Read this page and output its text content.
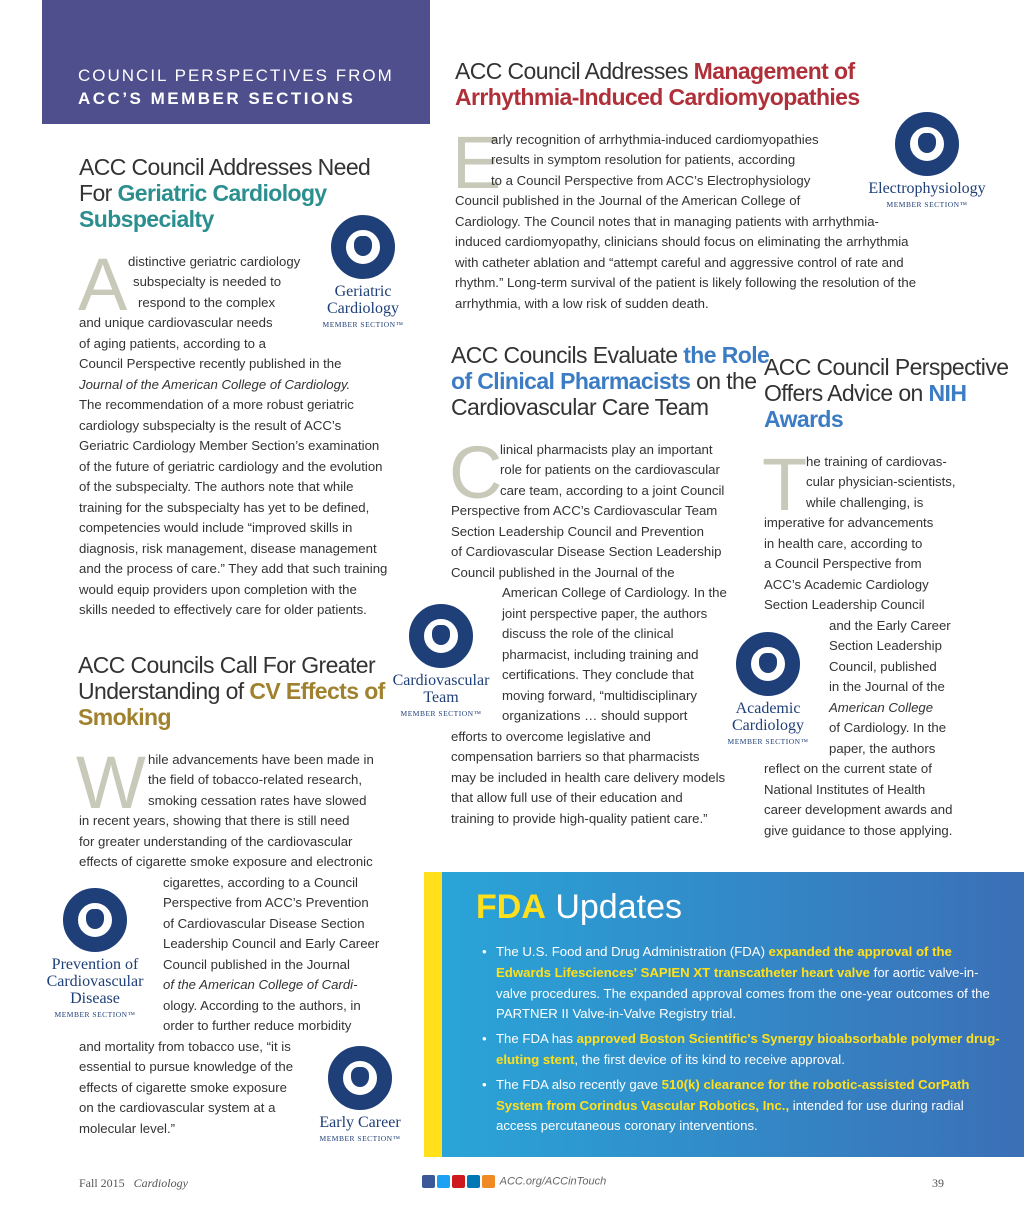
COUNCIL PERSPECTIVES FROM
ACC’S MEMBER SECTIONS
ACC Council Addresses Management of
Arrhythmia-Induced Cardiomyopathies
E
arly recognition of arrhythmia-induced cardiomyopathies
results in symptom resolution for patients, according
to a Council Perspective from ACC’s Electrophysiology
Council published in the Journal of the American College of
Cardiology. The Council notes that in managing patients with arrhythmia-
induced cardiomyopathy, clinicians should focus on eliminating the arrhythmia
with catheter ablation and “attempt careful and aggressive control of rate and
rhythm.” Long-term survival of the patient is likely following the resolution of the
arrhythmia, with a low risk of sudden death.
Electrophysiology
MEMBER SECTION™
ACC Council Addresses Need
For Geriatric Cardiology
Subspecialty
A distinctive geriatric cardiology
subspecialty is needed to
respond to the complex
and unique cardiovascular needs
of aging patients, according to a
Council Perspective recently published in the
Journal of the American College of Cardiology.
The recommendation of a more robust geriatric
cardiology subspecialty is the result of ACC’s
Geriatric Cardiology Member Section’s examination
of the future of geriatric cardiology and the evolution
of the subspecialty. The authors note that while
training for the subspecialty has yet to be defined,
competencies would include “improved skills in
diagnosis, risk management, disease management
and the process of care.” They add that such training
would equip providers upon completion with the
skills needed to effectively care for older patients.
Geriatric Cardiology
MEMBER SECTION™
ACC Councils Evaluate the Role
of Clinical Pharmacists on the
Cardiovascular Care Team
C
linical pharmacists play an important
role for patients on the cardiovascular
care team, according to a joint Council
Perspective from ACC’s Cardiovascular Team
Section Leadership Council and Prevention
of Cardiovascular Disease Section Leadership
Council published in the Journal of the
American College of Cardiology. In the
joint perspective paper, the authors
discuss the role of the clinical
pharmacist, including training and
certifications. They conclude that
moving forward, “multidisciplinary
organizations … should support
efforts to overcome legislative and
compensation barriers so that pharmacists
may be included in health care delivery models
that allow full use of their education and
training to provide high-quality patient care.”
Cardiovascular Team
MEMBER SECTION™
ACC Council Perspective
Offers Advice on NIH
Awards
T
he training of cardiovas-
cular physician-scientists,
while challenging, is
imperative for advancements
in health care, according to
a Council Perspective from
ACC’s Academic Cardiology
Section Leadership Council
and the Early Career
Section Leadership
Council, published
in the Journal of the
American College
of Cardiology. In the
paper, the authors
reflect on the current state of
National Institutes of Health
career development awards and
give guidance to those applying.
Academic Cardiology
MEMBER SECTION™
ACC Councils Call For Greater
Understanding of CV Effects of
Smoking
W hile advancements have been made in
the field of tobacco-related research,
smoking cessation rates have slowed
in recent years, showing that there is still need
for greater understanding of the cardiovascular
effects of cigarette smoke exposure and electronic
cigarettes, according to a Council
Perspective from ACC’s Prevention
of Cardiovascular Disease Section
Leadership Council and Early Career
Council published in the Journal
of the American College of Cardi-
ology. According to the authors, in
order to further reduce morbidity
and mortality from tobacco use, “it is
essential to pursue knowledge of the
effects of cigarette smoke exposure
on the cardiovascular system at a
molecular level.”
Prevention of Cardiovascular Disease
MEMBER SECTION™
Early Career
MEMBER SECTION™
FDA Updates
• The U.S. Food and Drug Administration (FDA) expanded the approval of the Edwards Lifesciences' SAPIEN XT transcatheter heart valve for aortic valve-in-valve procedures. The expanded approval comes from the one-year outcomes of the PARTNER II Valve-in-Valve Registry trial.
• The FDA has approved Boston Scientific's Synergy bioabsorbable polymer drug-eluting stent, the first device of its kind to receive approval.
• The FDA also recently gave 510(k) clearance for the robotic-assisted CorPath System from Corindus Vascular Robotics, Inc., intended for use during radial access percutaneous coronary interventions.
Fall 2015 Cardiology	ACC.org/ACCinTouch	39
